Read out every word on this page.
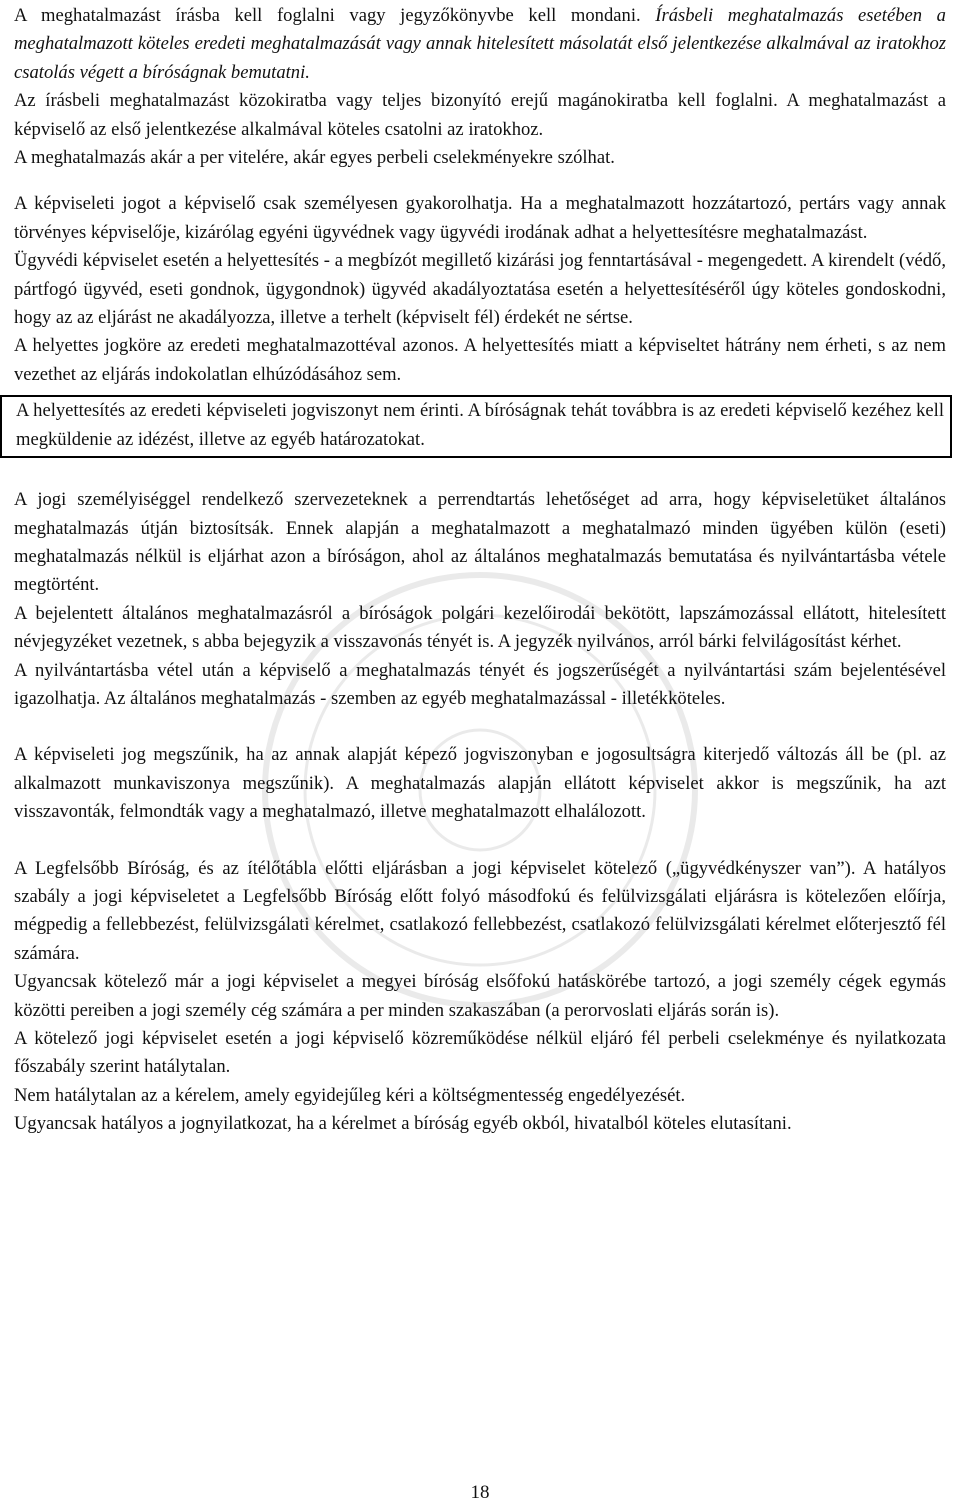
A meghatalmazást írásba kell foglalni vagy jegyzőkönyvbe kell mondani. Írásbeli meghatalmazás esetében a meghatalmazott köteles eredeti meghatalmazását vagy annak hitelesített másolatát első jelentkezése alkalmával az iratokhoz csatolás végett a bíróságnak bemutatni.

Az írásbeli meghatalmazást közokiratba vagy teljes bizonyító erejű magánokiratba kell foglalni. A meghatalmazást a képviselő az első jelentkezése alkalmával köteles csatolni az iratokhoz.

A meghatalmazás akár a per vitelére, akár egyes perbeli cselekményekre szólhat.

A képviseleti jogot a képviselő csak személyesen gyakorolhatja. Ha a meghatalmazott hozzátartozó, pertárs vagy annak törvényes képviselője, kizárólag egyéni ügyvédnek vagy ügyvédi irodának adhat a helyettesítésre meghatalmazást.

Ügyvédi képviselet esetén a helyettesítés - a megbízót megillető kizárási jog fenntartásával - megengedett. A kirendelt (védő, pártfogó ügyvéd, eseti gondnok, ügygondnok) ügyvéd akadályoztatása esetén a helyettesítéséről úgy köteles gondoskodni, hogy az az eljárást ne akadályozza, illetve a terhelt (képviselt fél) érdekét ne sértse.

A helyettes jogköre az eredeti meghatalmazottéval azonos. A helyettesítés miatt a képviseltet hátrány nem érheti, s az nem vezethet az eljárás indokolatlan elhúzódásához sem.

A helyettesítés az eredeti képviseleti jogviszonyt nem érinti. A bíróságnak tehát továbbra is az eredeti képviselő kezéhez kell megküldenie az idézést, illetve az egyéb határozatokat.

A jogi személyiséggel rendelkező szervezeteknek a perrendtartás lehetőséget ad arra, hogy képviseletüket általános meghatalmazás útján biztosítsák. Ennek alapján a meghatalmazott a meghatalmazó minden ügyében külön (eseti) meghatalmazás nélkül is eljárhat azon a bíróságon, ahol az általános meghatalmazás bemutatása és nyilvántartásba vétele megtörtént.

A bejelentett általános meghatalmazásról a bíróságok polgári kezelőirodái bekötött, lapszámozással ellátott, hitelesített névjegyzéket vezetnek, s abba bejegyzik a visszavonás tényét is. A jegyzék nyilvános, arról bárki felvilágosítást kérhet.

A nyilvántartásba vétel után a képviselő a meghatalmazás tényét és jogszerűségét a nyilvántartási szám bejelentésével igazolhatja. Az általános meghatalmazás - szemben az egyéb meghatalmazással - illetékköteles.

A képviseleti jog megszűnik, ha az annak alapját képező jogviszonyban e jogosultságra kiterjedő változás áll be (pl. az alkalmazott munkaviszonya megszűnik). A meghatalmazás alapján ellátott képviselet akkor is megszűnik, ha azt visszavonták, felmondták vagy a meghatalmazó, illetve meghatalmazott elhalálozott.

A Legfelsőbb Bíróság, és az ítélőtábla előtti eljárásban a jogi képviselet kötelező („ügyvédkényszer van”). A hatályos szabály a jogi képviseletet a Legfelsőbb Bíróság előtt folyó másodfokú és felülvizsgálati eljárásra is kötelezően előírja, mégpedig a fellebbezést, felülvizsgálati kérelmet, csatlakozó fellebbezést, csatlakozó felülvizsgálati kérelmet előterjesztő fél számára.

Ugyancsak kötelező már a jogi képviselet a megyei bíróság elsőfokú hatáskörébe tartozó, a jogi személy cégek egymás közötti pereiben a jogi személy cég számára a per minden szakaszában (a perorvoslati eljárás során is).

A kötelező jogi képviselet esetén a jogi képviselő közreműködése nélkül eljáró fél perbeli cselekménye és nyilatkozata főszabály szerint hatálytalan.

Nem hatálytalan az a kérelem, amely egyidejűleg kéri a költségmentesség engedélyezését.

Ugyancsak hatályos a jognyilatkozat, ha a kérelmet a bíróság egyéb okból, hivatalból köteles elutasítani.

18
